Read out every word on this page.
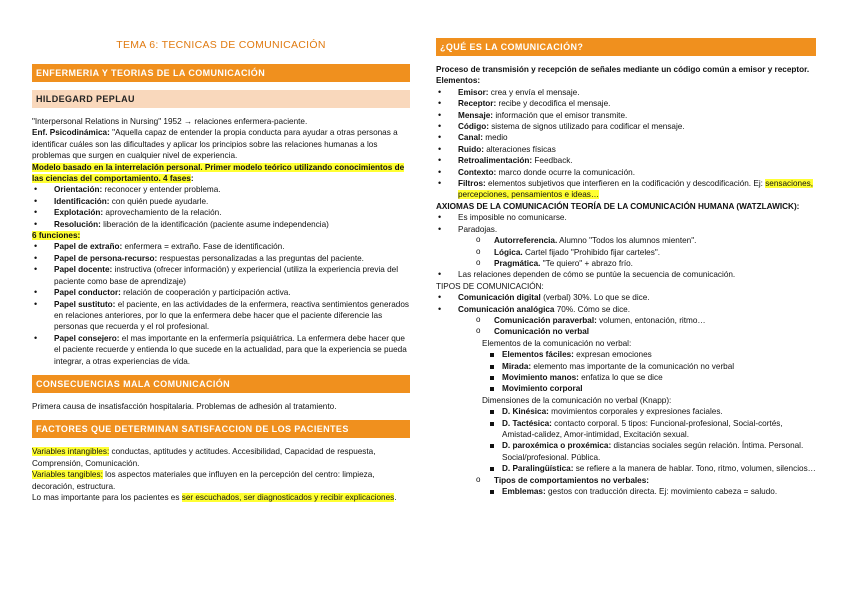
TEMA 6: TECNICAS DE COMUNICACIÓN
ENFERMERIA Y TEORIAS DE LA COMUNICACIÓN
HILDEGARD PEPLAU

"Interpersonal Relations in Nursing" 1952 → relaciones enfermera-paciente.

Enf. Psicodinámica: "Aquella capaz de entender la propia conducta para ayudar a otras personas a identificar cuáles son las dificultades y aplicar los principios sobre las relaciones humanas a los problemas que surgen en cualquier nivel de experiencia.

Modelo basado en la interrelación personal. Primer modelo teórico utilizando conocimientos de las ciencias del comportamiento. 4 fases:

• Orientación: reconocer y entender problema.
• Identificación: con quién puede ayudarle.
• Explotación: aprovechamiento de la relación.
• Resolución: liberación de la identificación (paciente asume independencia)

6 funciones:

• Papel de extraño: enfermera = extraño. Fase de identificación.
• Papel de persona-recurso: respuestas personalizadas a las preguntas del paciente.
• Papel docente: instructiva (ofrecer información) y experiencial (utiliza la experiencia previa del paciente como base de aprendizaje)
• Papel conductor: relación de cooperación y participación activa.
• Papel sustituto: el paciente, en las actividades de la enfermera, reactiva sentimientos generados en relaciones anteriores, por lo que la enfermera debe hacer que el paciente diferencie las personas que recuerda y el rol profesional.
• Papel consejero: el mas importante en la enfermería psiquiátrica. La enfermera debe hacer que el paciente recuerde y entienda lo que sucede en la actualidad, para que la experiencia se pueda integrar, a otras experiencias de vida.
CONSECUENCIAS MALA COMUNICACIÓN

Primera causa de insatisfacción hospitalaria. Problemas de adhesión al tratamiento.

FACTORES QUE DETERMINAN SATISFACCION DE LOS PACIENTES

Variables intangibles: conductas, aptitudes y actitudes. Accesibilidad, Capacidad de respuesta, Comprensión, Comunicación.

Variables tangibles: los aspectos materiales que influyen en la percepción del centro: limpieza, decoración, estructura.

Lo mas importante para los pacientes es ser escuchados, ser diagnosticados y recibir explicaciones.

¿QUÉ ES LA COMUNICACIÓN?

Proceso de transmisión y recepción de señales mediante un código común a emisor y receptor. Elementos:

• Emisor: crea y envía el mensaje.
• Receptor: recibe y decodifica el mensaje.
• Mensaje: información que el emisor transmite.
• Código: sistema de signos utilizado para codificar el mensaje.
• Canal: medio
• Ruido: alteraciones físicas
• Retroalimentación: Feedback.
• Contexto: marco donde ocurre la comunicación.
• Filtros: elementos subjetivos que interfieren en la codificación y descodificación. Ej: sensaciones, percepciones, pensamientos e ideas…

AXIOMAS DE LA COMUNICACIÓN TEORÍA DE LA COMUNICACIÓN HUMANA (WATZLAWICK):

• Es imposible no comunicarse.
• Paradojas.
o Autorreferencia. Alumno "Todos los alumnos mienten".
o Lógica. Cartel fijado "Prohibido fijar carteles".
o Pragmática. "Te quiero" + abrazo frío.
• Las relaciones dependen de cómo se puntúe la secuencia de comunicación.

TIPOS DE COMUNICACIÓN:

• Comunicación digital (verbal) 30%. Lo que se dice.
• Comunicación analógica 70%. Cómo se dice.
o Comunicación paraverbal: volumen, entonación, ritmo…
o Comunicación no verbal

Elementos de la comunicación no verbal:

Elementos fáciles: expresan emociones
Mirada: elemento mas importante de la comunicación no verbal
Movimiento manos: enfatiza lo que se dice
Movimiento corporal

Dimensiones de la comunicación no verbal (Knapp):

D. Kinésica: movimientos corporales y expresiones faciales.
D. Tactésica: contacto corporal. 5 tipos: Funcional-profesional, Social-cortés, Amistad-calidez, Amor-intimidad, Excitación sexual.
D. paroxémica o proxémica: distancias sociales según relación. Íntima. Personal. Social/profesional. Pública.
D. Paralingüística: se refiere a la manera de hablar. Tono, ritmo, volumen, silencios…
o Tipos de comportamientos no verbales:
Emblemas: gestos con traducción directa. Ej: movimiento cabeza = saludo.
